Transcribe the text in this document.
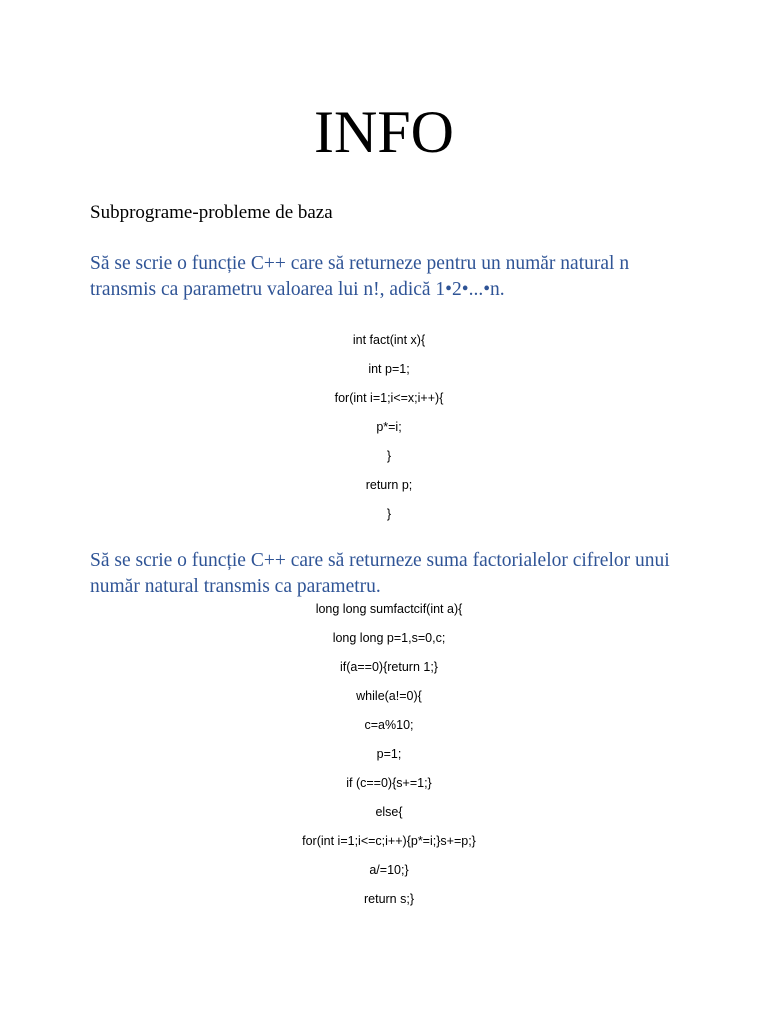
INFO
Subprograme-probleme de baza
Să se scrie o funcție C++ care să returneze pentru un număr natural n transmis ca parametru valoarea lui n!, adică 1•2•...•n.
int fact(int x){
int p=1;
for(int i=1;i<=x;i++){
p*=i;
}
return p;
}
Să se scrie o funcție C++ care să returneze suma factorialelor cifrelor unui număr natural transmis ca parametru.
long long sumfactcif(int a){
long long p=1,s=0,c;
if(a==0){return 1;}
while(a!=0){
c=a%10;
p=1;
if (c==0){s+=1;}
else{
for(int i=1;i<=c;i++){p*=i;}s+=p;}
a/=10;}
return s;}
